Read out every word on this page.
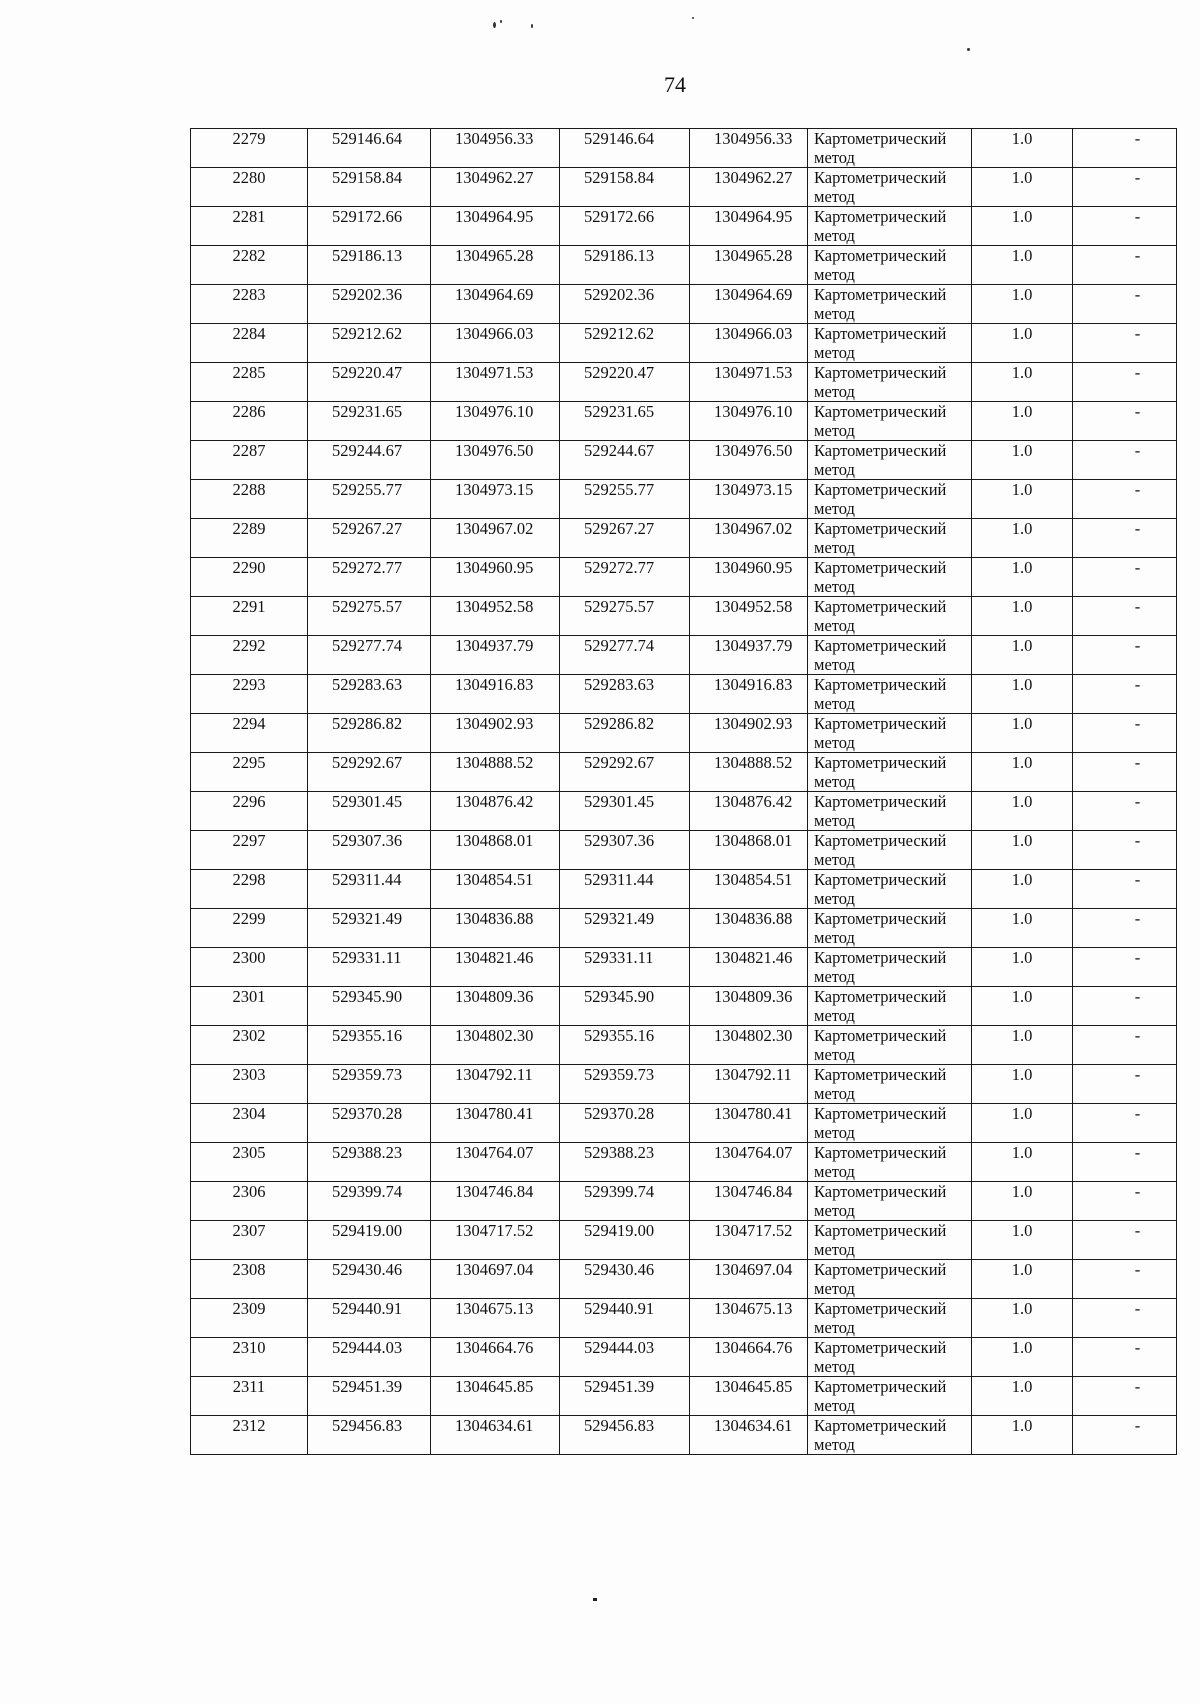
74
2279	529146.64	1304956.33	529146.64	1304956.33	Картометрический метод	1.0	-
2280	529158.84	1304962.27	529158.84	1304962.27	Картометрический метод	1.0	-
2281	529172.66	1304964.95	529172.66	1304964.95	Картометрический метод	1.0	-
2282	529186.13	1304965.28	529186.13	1304965.28	Картометрический метод	1.0	-
2283	529202.36	1304964.69	529202.36	1304964.69	Картометрический метод	1.0	-
2284	529212.62	1304966.03	529212.62	1304966.03	Картометрический метод	1.0	-
2285	529220.47	1304971.53	529220.47	1304971.53	Картометрический метод	1.0	-
2286	529231.65	1304976.10	529231.65	1304976.10	Картометрический метод	1.0	-
2287	529244.67	1304976.50	529244.67	1304976.50	Картометрический метод	1.0	-
2288	529255.77	1304973.15	529255.77	1304973.15	Картометрический метод	1.0	-
2289	529267.27	1304967.02	529267.27	1304967.02	Картометрический метод	1.0	-
2290	529272.77	1304960.95	529272.77	1304960.95	Картометрический метод	1.0	-
2291	529275.57	1304952.58	529275.57	1304952.58	Картометрический метод	1.0	-
2292	529277.74	1304937.79	529277.74	1304937.79	Картометрический метод	1.0	-
2293	529283.63	1304916.83	529283.63	1304916.83	Картометрический метод	1.0	-
2294	529286.82	1304902.93	529286.82	1304902.93	Картометрический метод	1.0	-
2295	529292.67	1304888.52	529292.67	1304888.52	Картометрический метод	1.0	-
2296	529301.45	1304876.42	529301.45	1304876.42	Картометрический метод	1.0	-
2297	529307.36	1304868.01	529307.36	1304868.01	Картометрический метод	1.0	-
2298	529311.44	1304854.51	529311.44	1304854.51	Картометрический метод	1.0	-
2299	529321.49	1304836.88	529321.49	1304836.88	Картометрический метод	1.0	-
2300	529331.11	1304821.46	529331.11	1304821.46	Картометрический метод	1.0	-
2301	529345.90	1304809.36	529345.90	1304809.36	Картометрический метод	1.0	-
2302	529355.16	1304802.30	529355.16	1304802.30	Картометрический метод	1.0	-
2303	529359.73	1304792.11	529359.73	1304792.11	Картометрический метод	1.0	-
2304	529370.28	1304780.41	529370.28	1304780.41	Картометрический метод	1.0	-
2305	529388.23	1304764.07	529388.23	1304764.07	Картометрический метод	1.0	-
2306	529399.74	1304746.84	529399.74	1304746.84	Картометрический метод	1.0	-
2307	529419.00	1304717.52	529419.00	1304717.52	Картометрический метод	1.0	-
2308	529430.46	1304697.04	529430.46	1304697.04	Картометрический метод	1.0	-
2309	529440.91	1304675.13	529440.91	1304675.13	Картометрический метод	1.0	-
2310	529444.03	1304664.76	529444.03	1304664.76	Картометрический метод	1.0	-
2311	529451.39	1304645.85	529451.39	1304645.85	Картометрический метод	1.0	-
2312	529456.83	1304634.61	529456.83	1304634.61	Картометрический метод	1.0	-
